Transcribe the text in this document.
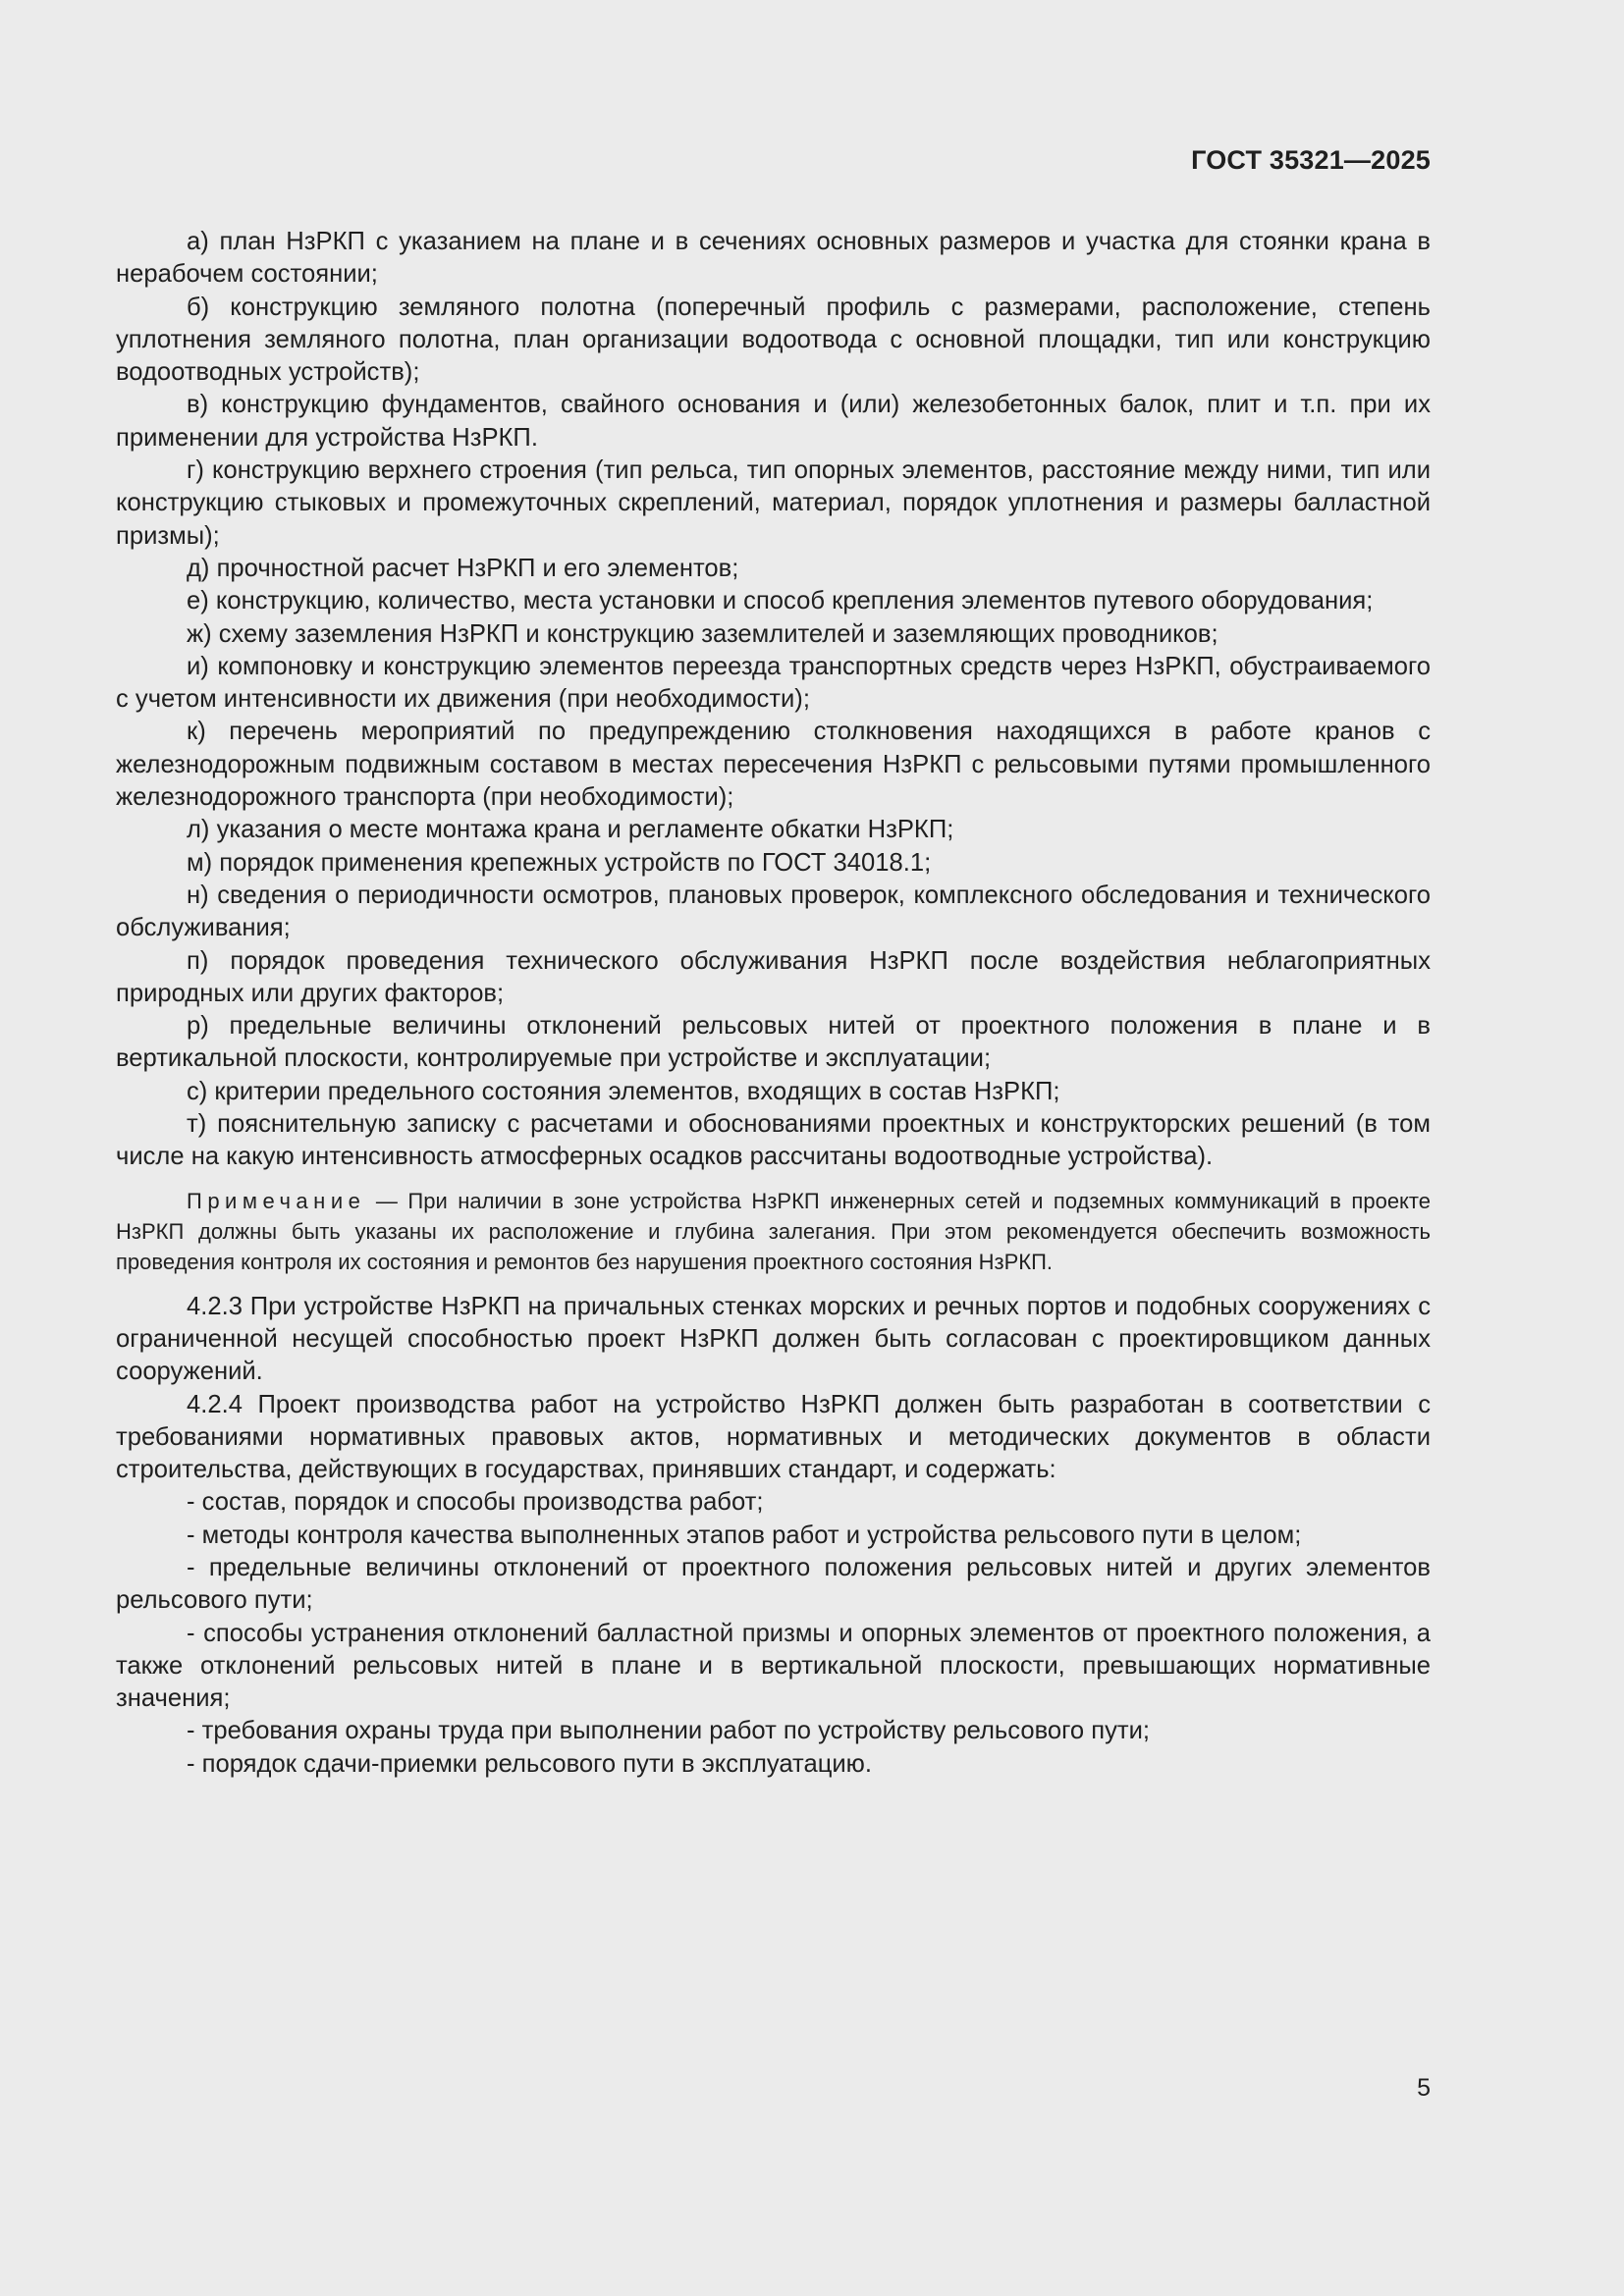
ГОСТ 35321—2025

а) план НзРКП с указанием на плане и в сечениях основных размеров и участка для стоянки крана в нерабочем состоянии;

б) конструкцию земляного полотна (поперечный профиль с размерами, расположение, степень уплотнения земляного полотна, план организации водоотвода с основной площадки, тип или конструкцию водоотводных устройств);

в) конструкцию фундаментов, свайного основания и (или) железобетонных балок, плит и т.п. при их применении для устройства НзРКП.

г) конструкцию верхнего строения (тип рельса, тип опорных элементов, расстояние между ними, тип или конструкцию стыковых и промежуточных скреплений, материал, порядок уплотнения и размеры балластной призмы);

д) прочностной расчет НзРКП и его элементов;

е) конструкцию, количество, места установки и способ крепления элементов путевого оборудования;

ж) схему заземления НзРКП и конструкцию заземлителей и заземляющих проводников;

и) компоновку и конструкцию элементов переезда транспортных средств через НзРКП, обустраиваемого с учетом интенсивности их движения (при необходимости);

к) перечень мероприятий по предупреждению столкновения находящихся в работе кранов с железнодорожным подвижным составом в местах пересечения НзРКП с рельсовыми путями промышленного железнодорожного транспорта (при необходимости);

л) указания о месте монтажа крана и регламенте обкатки НзРКП;

м) порядок применения крепежных устройств по ГОСТ 34018.1;

н) сведения о периодичности осмотров, плановых проверок, комплексного обследования и технического обслуживания;

п) порядок проведения технического обслуживания НзРКП после воздействия неблагоприятных природных или других факторов;

р) предельные величины отклонений рельсовых нитей от проектного положения в плане и в вертикальной плоскости, контролируемые при устройстве и эксплуатации;

с) критерии предельного состояния элементов, входящих в состав НзРКП;

т) пояснительную записку с расчетами и обоснованиями проектных и конструкторских решений (в том числе на какую интенсивность атмосферных осадков рассчитаны водоотводные устройства).

Примечание — При наличии в зоне устройства НзРКП инженерных сетей и подземных коммуникаций в проекте НзРКП должны быть указаны их расположение и глубина залегания. При этом рекомендуется обеспечить возможность проведения контроля их состояния и ремонтов без нарушения проектного состояния НзРКП.

4.2.3 При устройстве НзРКП на причальных стенках морских и речных портов и подобных сооружениях с ограниченной несущей способностью проект НзРКП должен быть согласован с проектировщиком данных сооружений.

4.2.4 Проект производства работ на устройство НзРКП должен быть разработан в соответствии с требованиями нормативных правовых актов, нормативных и методических документов в области строительства, действующих в государствах, принявших стандарт, и содержать:

- состав, порядок и способы производства работ;

- методы контроля качества выполненных этапов работ и устройства рельсового пути в целом;

- предельные величины отклонений от проектного положения рельсовых нитей и других элементов рельсового пути;

- способы устранения отклонений балластной призмы и опорных элементов от проектного положения, а также отклонений рельсовых нитей в плане и в вертикальной плоскости, превышающих нормативные значения;

- требования охраны труда при выполнении работ по устройству рельсового пути;

- порядок сдачи-приемки рельсового пути в эксплуатацию.

5
